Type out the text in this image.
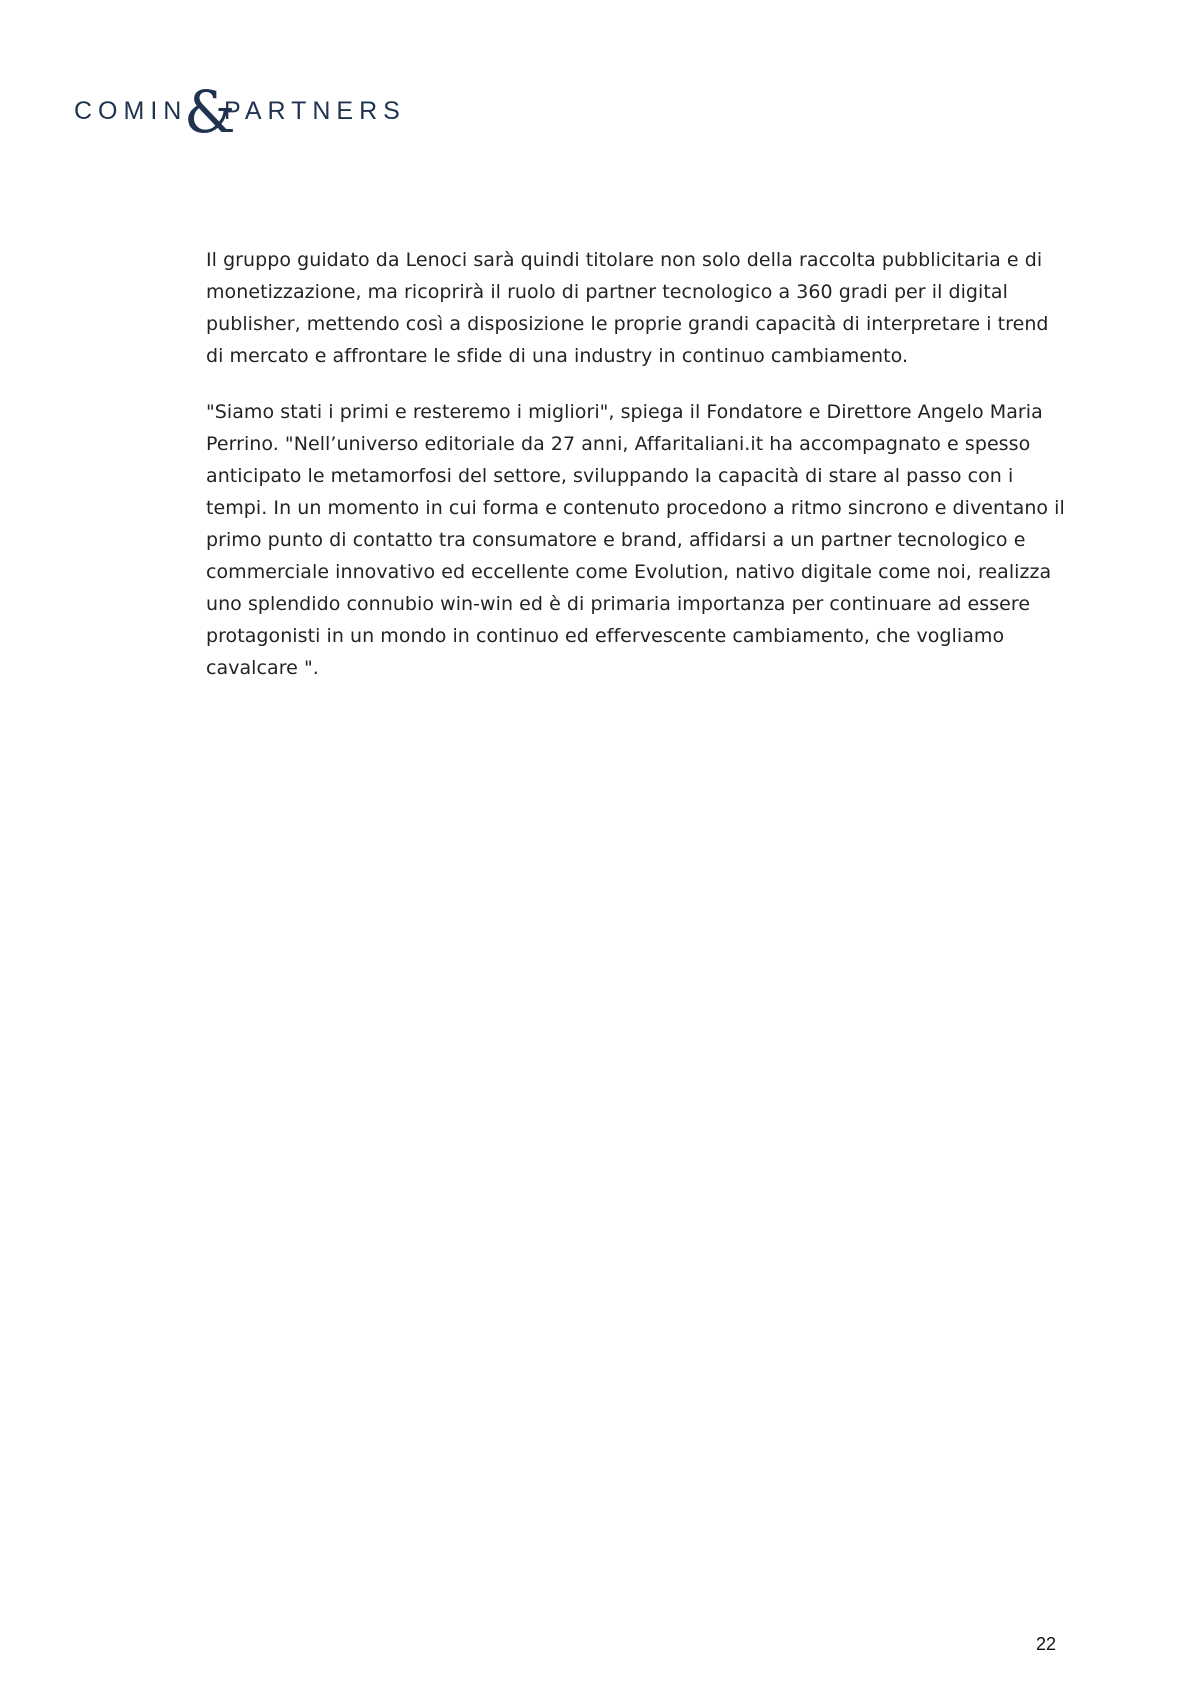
COMIN
&
PARTNERS

Il gruppo guidato da Lenoci sarà quindi titolare non solo della raccolta pubblicitaria e di monetizzazione, ma ricoprirà il ruolo di partner tecnologico a 360 gradi per il digital publisher, mettendo così a disposizione le proprie grandi capacità di interpretare i trend di mercato e affrontare le sfide di una industry in continuo cambiamento.

"Siamo stati i primi e resteremo i migliori", spiega il Fondatore e Direttore Angelo Maria Perrino. "Nell’universo editoriale da 27 anni, Affaritaliani.it ha accompagnato e spesso anticipato le metamorfosi del settore, sviluppando la capacità di stare al passo con i tempi. In un momento in cui forma e contenuto procedono a ritmo sincrono e diventano il primo punto di contatto tra consumatore e brand, affidarsi a un partner tecnologico e commerciale innovativo ed eccellente come Evolution, nativo digitale come noi, realizza uno splendido connubio win-win ed è di primaria importanza per continuare ad essere protagonisti in un mondo in continuo ed effervescente cambiamento, che vogliamo cavalcare ".

22
